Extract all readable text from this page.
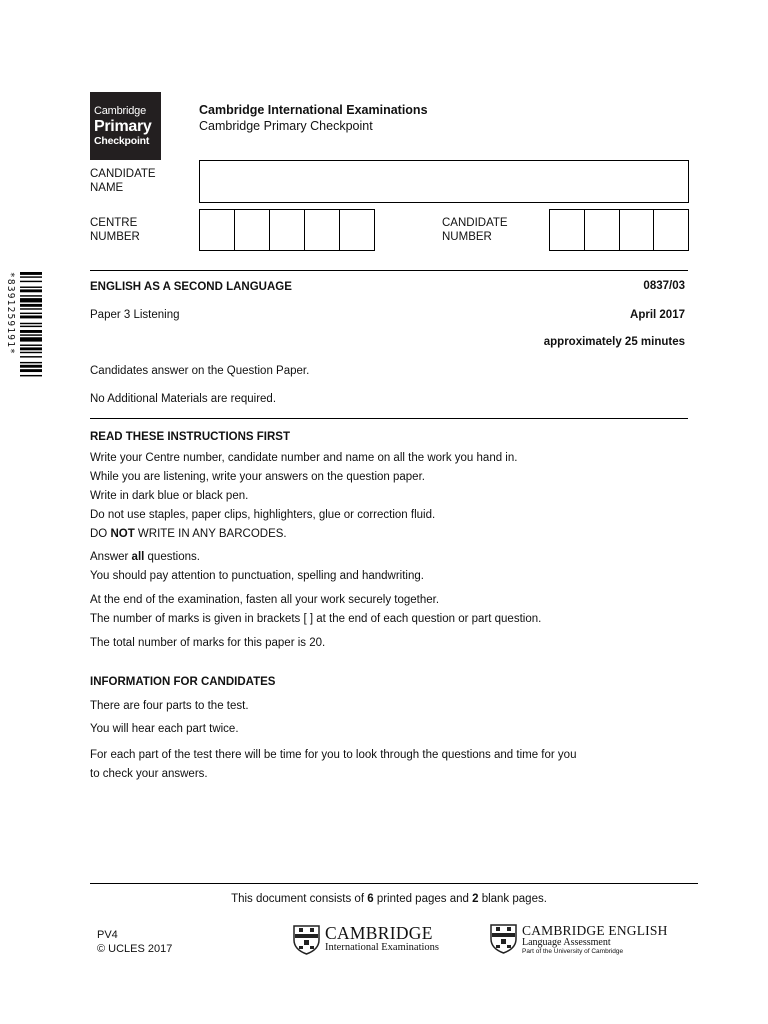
Cambridge
Primary
Checkpoint
Cambridge International Examinations
Cambridge Primary Checkpoint
CANDIDATE
NAME
CENTRE
NUMBER
CANDIDATE
NUMBER
*8391259191*	ENGLISH AS A SECOND LANGUAGE	0837/03
Paper 3 Listening	April 2017
approximately 25 minutes
Candidates answer on the Question Paper.
No Additional Materials are required.
READ THESE INSTRUCTIONS FIRST
Write your Centre number, candidate number and name on all the work you hand in.
While you are listening, write your answers on the question paper.
Write in dark blue or black pen.
Do not use staples, paper clips, highlighters, glue or correction fluid.
DO NOT WRITE IN ANY BARCODES.
Answer all questions.
You should pay attention to punctuation, spelling and handwriting.
At the end of the examination, fasten all your work securely together.
The number of marks is given in brackets [ ] at the end of each question or part question.
The total number of marks for this paper is 20.
INFORMATION FOR CANDIDATES
There are four parts to the test.
You will hear each part twice.
For each part of the test there will be time for you to look through the questions and time for you
to check your answers.
This document consists of 6 printed pages and 2 blank pages.
PV4
© UCLES 2017
CAMBRIDGE
International Examinations
CAMBRIDGE ENGLISH
Language Assessment
Part of the University of Cambridge
